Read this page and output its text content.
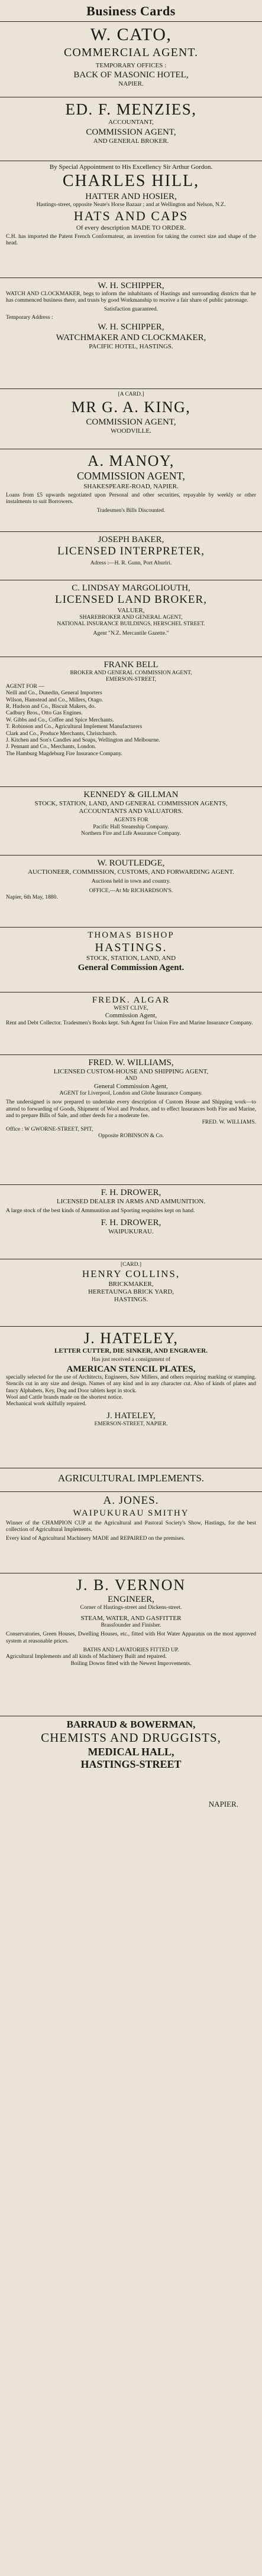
Business Cards
W. CATO,
COMMERCIAL AGENT.
TEMPORARY OFFICES :
BACK OF MASONIC HOTEL,
NAPIER.
ED. F. MENZIES,
ACCOUNTANT,
COMMISSION AGENT,
AND GENERAL BROKER.
By Special Appointment to His Excellency Sir Arthur Gordon.
CHARLES HILL,
HATTER AND HOSIER,
Hastings-street, opposite Neate's Horse Bazaar ; and at Wellington and Nelson, N.Z.
HATS AND CAPS
Of every description MADE TO ORDER.
C.H. has imported the Patent French Conformateur, an invention for taking the correct size and shape of the head.
W. H. SCHIPPER,
WATCH AND CLOCKMAKER, begs to inform the inhabitants of Hastings and surrounding districts that he has commenced business there, and trusts by good Workmanship to receive a fair share of public patronage.
Satisfaction guaranteed.
Temporary Address :
W. H. SCHIPPER,
WATCHMAKER AND CLOCKMAKER,
PACIFIC HOTEL, HASTINGS.
[A CARD.]
MR G. A. KING,
COMMISSION AGENT,
WOODVILLE.
A. MANOY,
COMMISSION AGENT,
SHAKESPEARE-ROAD, NAPIER.
Loans from £5 upwards negotiated upon Personal and other securities, repayable by weekly or other instalments to suit Borrowers.
Tradesmen's Bills Discounted.
JOSEPH BAKER,
LICENSED INTERPRETER,
Adress :—H. R. Gunn, Port Ahuriri.
C. LINDSAY MARGOLIOUTH,
LICENSED LAND BROKER,
VALUER,
SHAREBROKER AND GENERAL AGENT,
NATIONAL INSURANCE BUILDINGS, HERSCHEL STREET.
Agent "N.Z. Mercantile Gazette."
FRANK BELL
BROKER AND GENERAL COMMISSION AGENT,
EMERSON-STREET,
AGENT FOR —
Neill and Co., Dunedin, General Importers
Wilson, Hamstead and Co., Millers, Otago.
R. Hudson and Co., Biscuit Makers, do.
Cadbury Bros., Otto Gas Engines.
W. Gibbs and Co., Coffee and Spice Merchants.
T. Robinson and Co., Agricultural Implement Manufacturers
Clark and Co., Produce Merchants, Christchurch.
J. Kitchen and Son's Candles and Soaps, Wellington and Melbourne.
J. Pennant and Co., Merchants, London.
The Hamburg Magdeburg Fire Insurance Company.
KENNEDY & GILLMAN
STOCK, STATION, LAND, AND GENERAL COMMISSION AGENTS,
ACCOUNTANTS AND VALUATORS.
AGENTS FOR
Pacific Hall Steamship Company.
Northern Fire and Life Assurance Company.
W. ROUTLEDGE,
AUCTIONEER, COMMISSION, CUSTOMS, AND FORWARDING AGENT.
Auctions held in town and country.
OFFICE,—At Mr RICHARDSON'S.
Napier, 6th May, 1880.
THOMAS BISHOP
HASTINGS.
STOCK, STATION, LAND, AND
General Commission Agent.
FREDK. ALGAR
WEST CLIVE,
Commission Agent,
Rent and Debt Collector. Tradesmen's Books kept. Sub Agent for Union Fire and Marine Insurance Company.
FRED. W. WILLIAMS,
LICENSED CUSTOM-HOUSE AND SHIPPING AGENT,
AND
General Commission Agent,
AGENT for Liverpool, London and Globe Insurance Company.
The undersigned is now prepared to undertake every description of Custom House and Shipping work—to attend to forwarding of Goods, Shipment of Wool and Produce, and to effect Insurances both Fire and Marine, and to prepare Bills of Sale, and other deeds for a moderate fee.
FRED. W. WILLIAMS.
Office : W GWORNE-STREET, SPIT,
Opposite ROBINSON & Co.
F. H. DROWER,
LICENSED DEALER IN ARMS AND AMMUNITION.
A large stock of the best kinds of Ammunition and Sporting requisites kept on hand.
F. H. DROWER,
WAIPUKURAU.
[CARD.]
HENRY COLLINS,
BRICKMAKER,
HERETAUNGA BRICK YARD,
HASTINGS.
J. HATELEY,
LETTER CUTTER, DIE SINKER, AND ENGRAVER.
Has just received a consignment of
AMERICAN STENCIL PLATES,
specially selected for the use of Architects, Engineers, Saw Millers, and others requiring marking or stamping. Stencils cut in any size and design. Names of any kind and in any character cut. Also of kinds of plates and fancy Alphabets, Key, Dog and Door tablets kept in stock.
Wool and Cattle brands made on the shortest notice.
Mechanical work skilfully repaired.
J. HATELEY,
EMERSON-STREET, NAPIER.
AGRICULTURAL IMPLEMENTS.
A. JONES.
WAIPUKURAU SMITHY
Winner of the CHAMPION CUP at the Agricultural and Pastoral Society's Show, Hastings, for the best collection of Agricultural Implements.
Every kind of Agricultural Machinery MADE and REPAIRED on the premises.
J. B. VERNON
ENGINEER,
Corner of Hastings-street and Dickens-street.
STEAM, WATER, AND GASFITTER
Brassfounder and Finisher.
Conservatories, Green Houses, Dwelling Houses, etc., fitted with Hot Water Apparatus on the most approved system at reasonable prices.
BATHS AND LAVATORIES FITTED UP.
Agricultural Implements and all kinds of Machinery Built and repaired.
Boiling Downs fitted with the Newest Improvements.
BARRAUD & BOWERMAN,
CHEMISTS AND DRUGGISTS,
MEDICAL HALL,
HASTINGS-STREET
NAPIER.
